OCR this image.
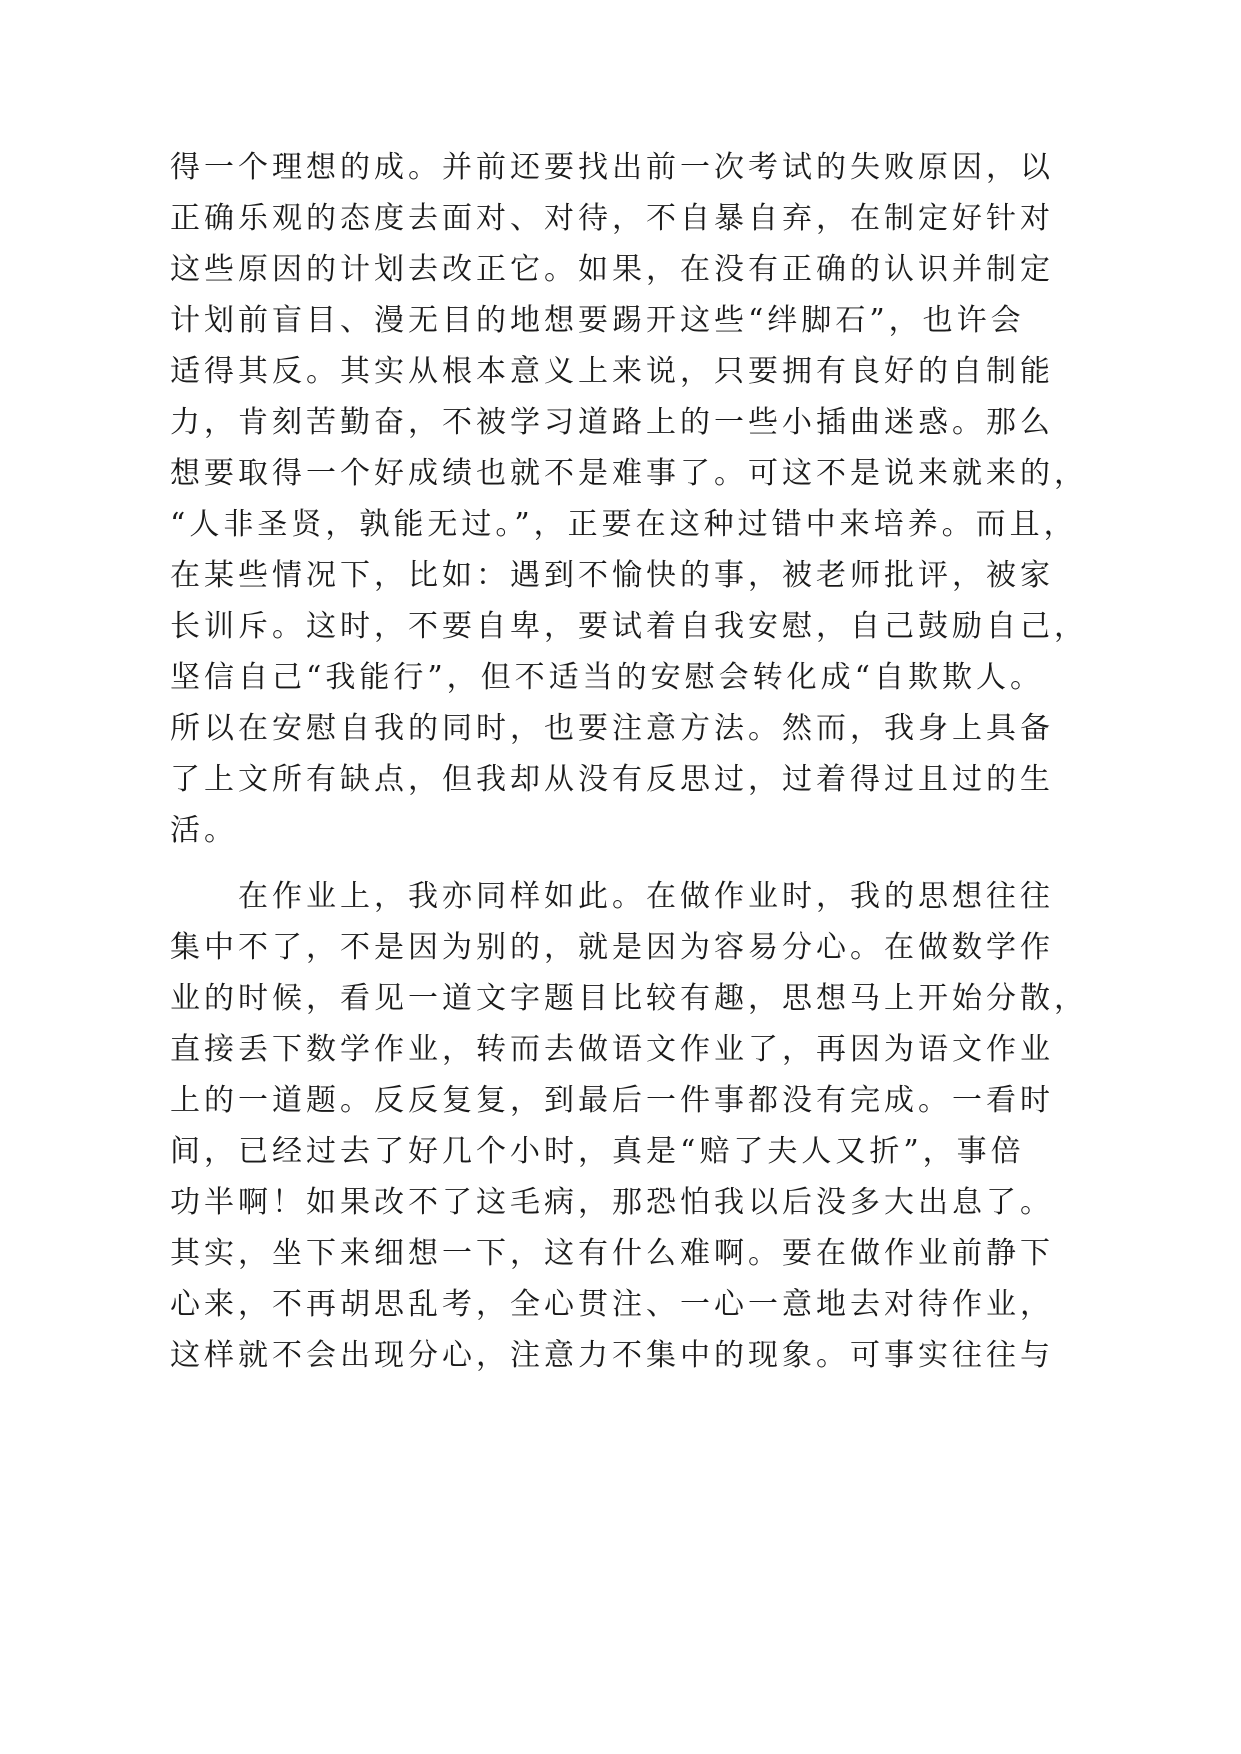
得一个理想的成。并前还要找出前一次考试的失败原因，以
正确乐观的态度去面对、对待，不自暴自弃，在制定好针对
这些原因的计划去改正它。如果，在没有正确的认识并制定
计划前盲目、漫无目的地想要踢开这些“绊脚石”，也许会
适得其反。其实从根本意义上来说，只要拥有良好的自制能
力，肯刻苦勤奋，不被学习道路上的一些小插曲迷惑。那么
想要取得一个好成绩也就不是难事了。可这不是说来就来的，
“人非圣贤，孰能无过。”，正要在这种过错中来培养。而且，
在某些情况下，比如：遇到不愉快的事，被老师批评，被家
长训斥。这时，不要自卑，要试着自我安慰，自己鼓励自己，
坚信自己“我能行”，但不适当的安慰会转化成“自欺欺人。
所以在安慰自我的同时，也要注意方法。然而，我身上具备
了上文所有缺点，但我却从没有反思过，过着得过且过的生
活。
　　在作业上，我亦同样如此。在做作业时，我的思想往往
集中不了，不是因为别的，就是因为容易分心。在做数学作
业的时候，看见一道文字题目比较有趣，思想马上开始分散，
直接丢下数学作业，转而去做语文作业了，再因为语文作业
上的一道题。反反复复，到最后一件事都没有完成。一看时
间，已经过去了好几个小时，真是“赔了夫人又折”，事倍
功半啊！如果改不了这毛病，那恐怕我以后没多大出息了。
其实，坐下来细想一下，这有什么难啊。要在做作业前静下
心来，不再胡思乱考，全心贯注、一心一意地去对待作业，
这样就不会出现分心，注意力不集中的现象。可事实往往与
